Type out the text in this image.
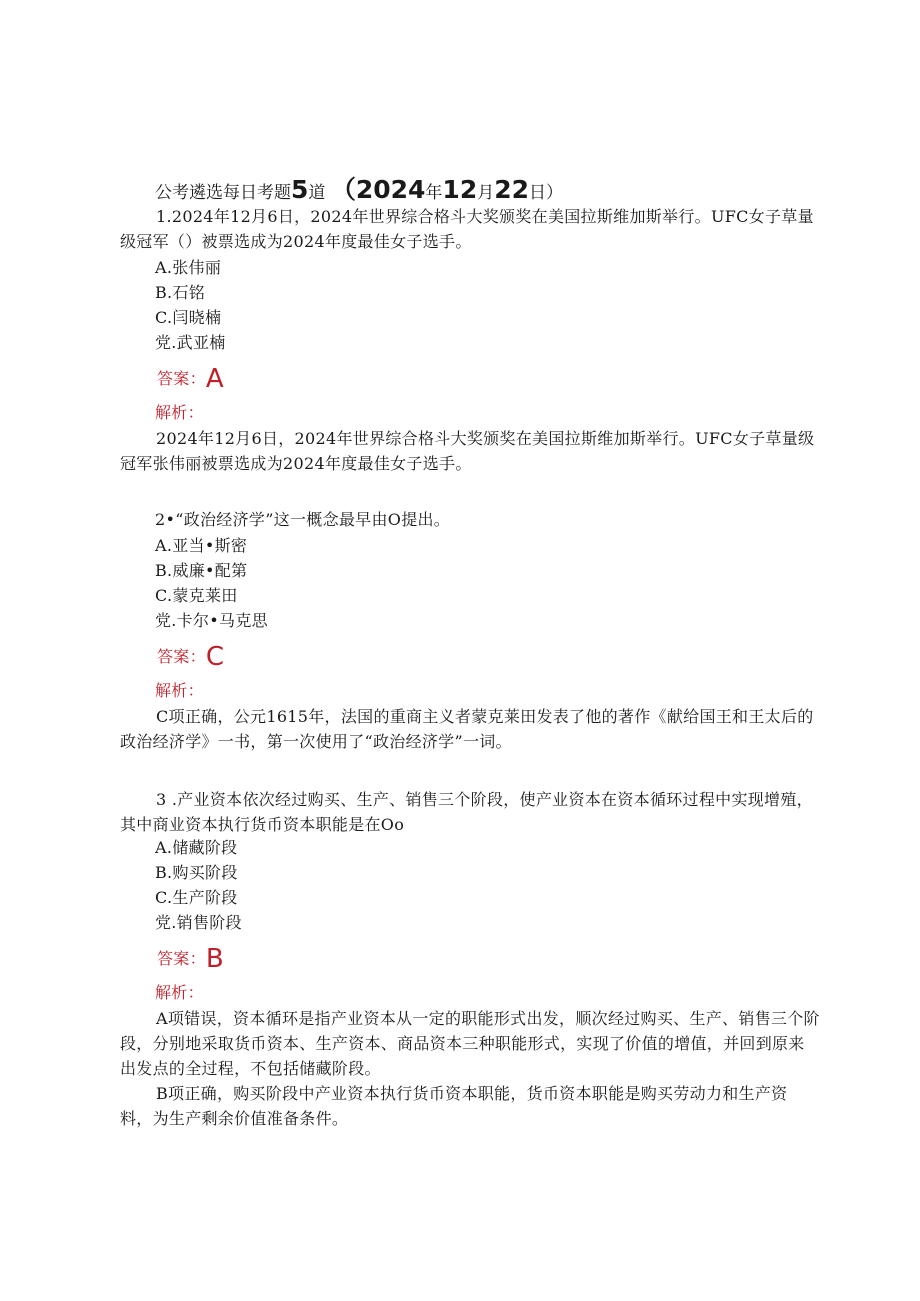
公考遴选每日考题5道 （2024年12月22日）
1.2024年12月6日，2024年世界综合格斗大奖颁奖在美国拉斯维加斯举行。UFC女子草量级冠军（）被票选成为2024年度最佳女子选手。
A.张伟丽
B.石铭
C.闫晓楠
党.武亚楠
答案：A
解析：
2024年12月6日，2024年世界综合格斗大奖颁奖在美国拉斯维加斯举行。UFC女子草量级冠军张伟丽被票选成为2024年度最佳女子选手。
2•“政治经济学”这一概念最早由O提出。
A.亚当•斯密
B.威廉•配第
C.蒙克莱田
党.卡尔•马克思
答案：C
解析：
C项正确，公元1615年，法国的重商主义者蒙克莱田发表了他的著作《献给国王和王太后的政治经济学》一书，第一次使用了“政治经济学”一词。
3 .产业资本依次经过购买、生产、销售三个阶段，使产业资本在资本循环过程中实现增殖，其中商业资本执行货币资本职能是在Oo
A.储藏阶段
B.购买阶段
C.生产阶段
党.销售阶段
答案：B
解析：
A项错误，资本循环是指产业资本从一定的职能形式出发，顺次经过购买、生产、销售三个阶段，分别地采取货币资本、生产资本、商品资本三种职能形式，实现了价值的增值，并回到原来出发点的全过程，不包括储藏阶段。
B项正确，购买阶段中产业资本执行货币资本职能，货币资本职能是购买劳动力和生产资料，为生产剩余价值准备条件。
